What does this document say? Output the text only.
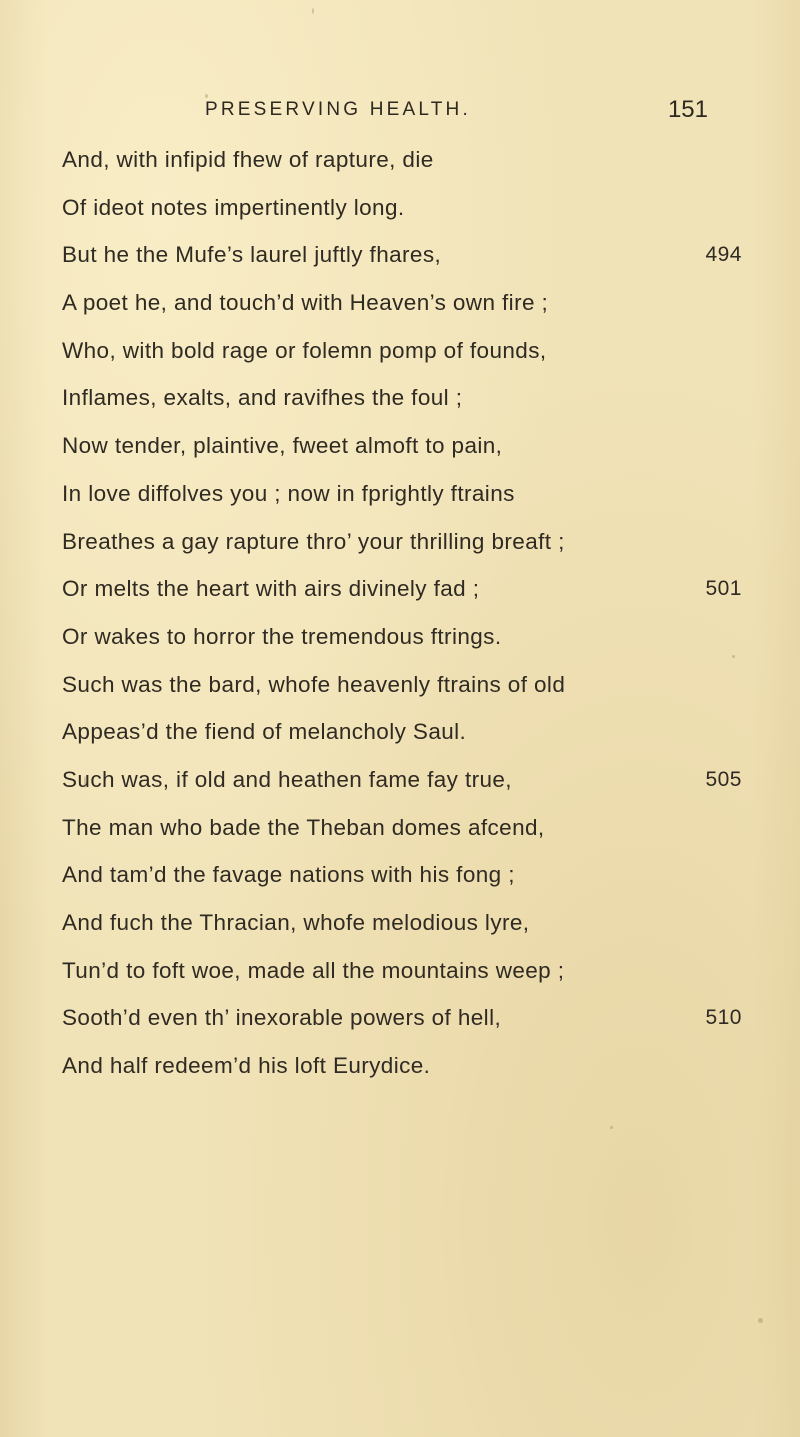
PRESERVING HEALTH.	151
And, with infipid fhew of rapture, die
Of ideot notes impertinently long.
But he the Mufe’s laurel juftly fhares,	494
A poet he, and touch’d with Heaven’s own fire ;
Who, with bold rage or folemn pomp of founds,
Inflames, exalts, and ravifhes the foul ;
Now tender, plaintive, fweet almoft to pain,
In love diffolves you ; now in fprightly ftrains
Breathes a gay rapture thro’ your thrilling breaft ;
Or melts the heart with airs divinely fad ;	501
Or wakes to horror the tremendous ftrings.
Such was the bard, whofe heavenly ftrains of old
Appeas’d the fiend of melancholy Saul.
Such was, if old and heathen fame fay true,	505
The man who bade the Theban domes afcend,
And tam’d the favage nations with his fong ;
And fuch the Thracian, whofe melodious lyre,
Tun’d to foft woe, made all the mountains weep ;
Sooth’d even th’ inexorable powers of hell,	510
And half redeem’d his loft Eurydice.
